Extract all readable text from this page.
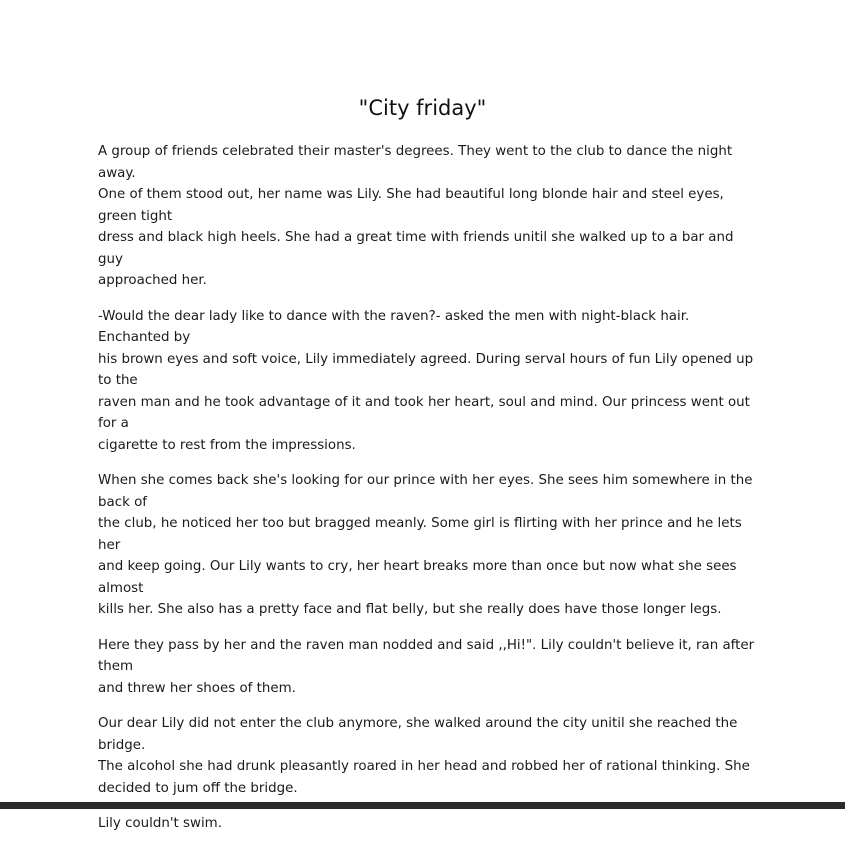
"City friday"

A group of friends celebrated their master's degrees. They went to the club to dance the night away.
One of them stood out, her name was Lily. She had beautiful long blonde hair and steel eyes, green tight
dress and black high heels. She had a great time with friends unitil she walked up to a bar and guy
approached her.

-Would the dear lady like to dance with the raven?- asked the men with night-black hair. Enchanted by
his brown eyes and soft voice, Lily immediately agreed. During serval hours of fun Lily opened up to the
raven man and he took advantage of it and took her heart, soul and mind. Our princess went out for a
cigarette to rest from the impressions.

When she comes back she's looking for our prince with her eyes. She sees him somewhere in the back of
the club, he noticed her too but bragged meanly. Some girl is flirting with her prince and he lets her
and keep going. Our Lily wants to cry, her heart breaks more than once but now what she sees almost
kills her. She also has a pretty face and flat belly, but she really does have those longer legs.

Here they pass by her and the raven man nodded and said ,,Hi!". Lily couldn't believe it, ran after them
and threw her shoes of them.

Our dear Lily did not enter the club anymore, she walked around the city unitil she reached the bridge.
The alcohol she had drunk pleasantly roared in her head and robbed her of rational thinking. She
decided to jum off the bridge.

Lily couldn't swim.
